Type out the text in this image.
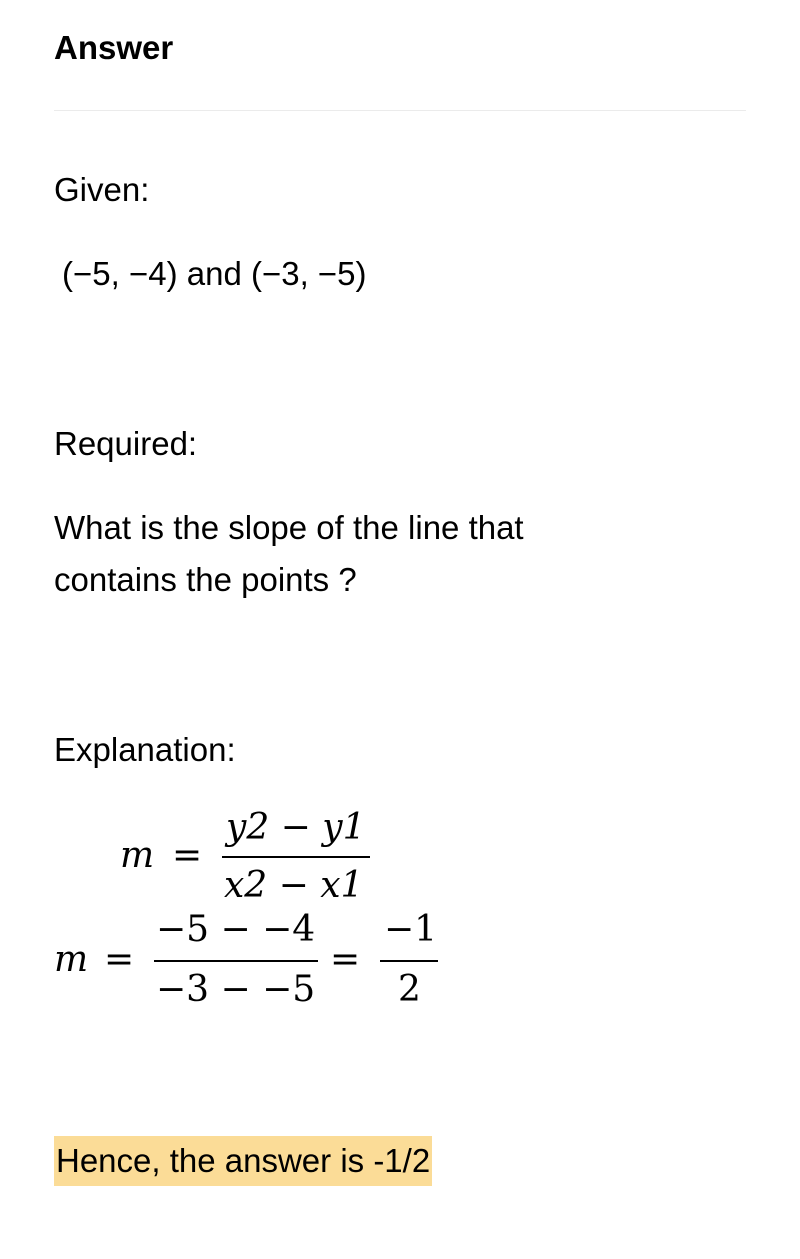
Answer

Given:

(−5, −4) and (−3, −5)

Required:

What is the slope of the line that

contains the points ?

Explanation:

m =
y2 − y1
x2 − x1
m =
−5 − −4
−3 − −5
=
−1
2
Hence, the answer is -1/2
